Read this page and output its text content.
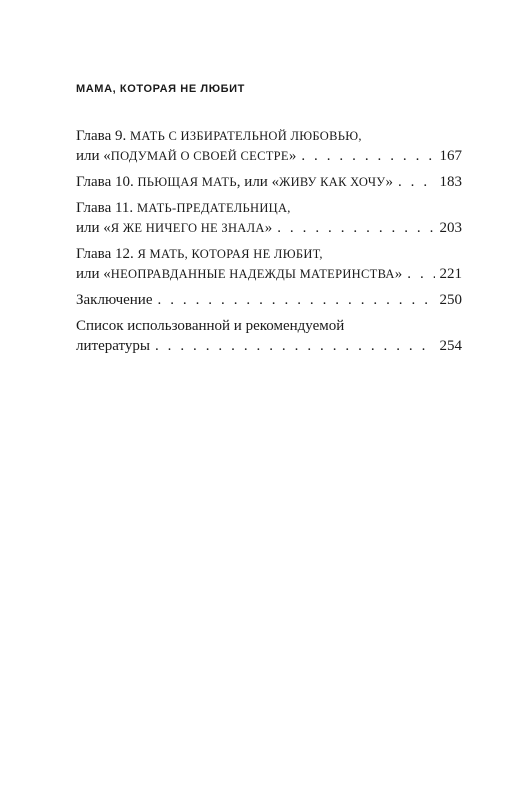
МАМА, КОТОРАЯ НЕ ЛЮБИТ
Глава 9. МАТЬ С ИЗБИРАТЕЛЬНОЙ ЛЮБОВЬЮ,
или «ПОДУМАЙ О СВОЕЙ СЕСТРЕ» . . .	167
Глава 10. ПЬЮЩАЯ МАТЬ, или «ЖИВУ КАК ХОЧУ» . . .	183
Глава 11. МАТЬ-ПРЕДАТЕЛЬНИЦА,
или «Я ЖЕ НИЧЕГО НЕ ЗНАЛА» . . .	203
Глава 12. Я МАТЬ, КОТОРАЯ НЕ ЛЮБИТ,
или «НЕОПРАВДАННЫЕ НАДЕЖДЫ МАТЕРИНСТВА» . . . 221
Заключение . . .	250
Список использованной и рекомендуемой
литературы . . .	254
